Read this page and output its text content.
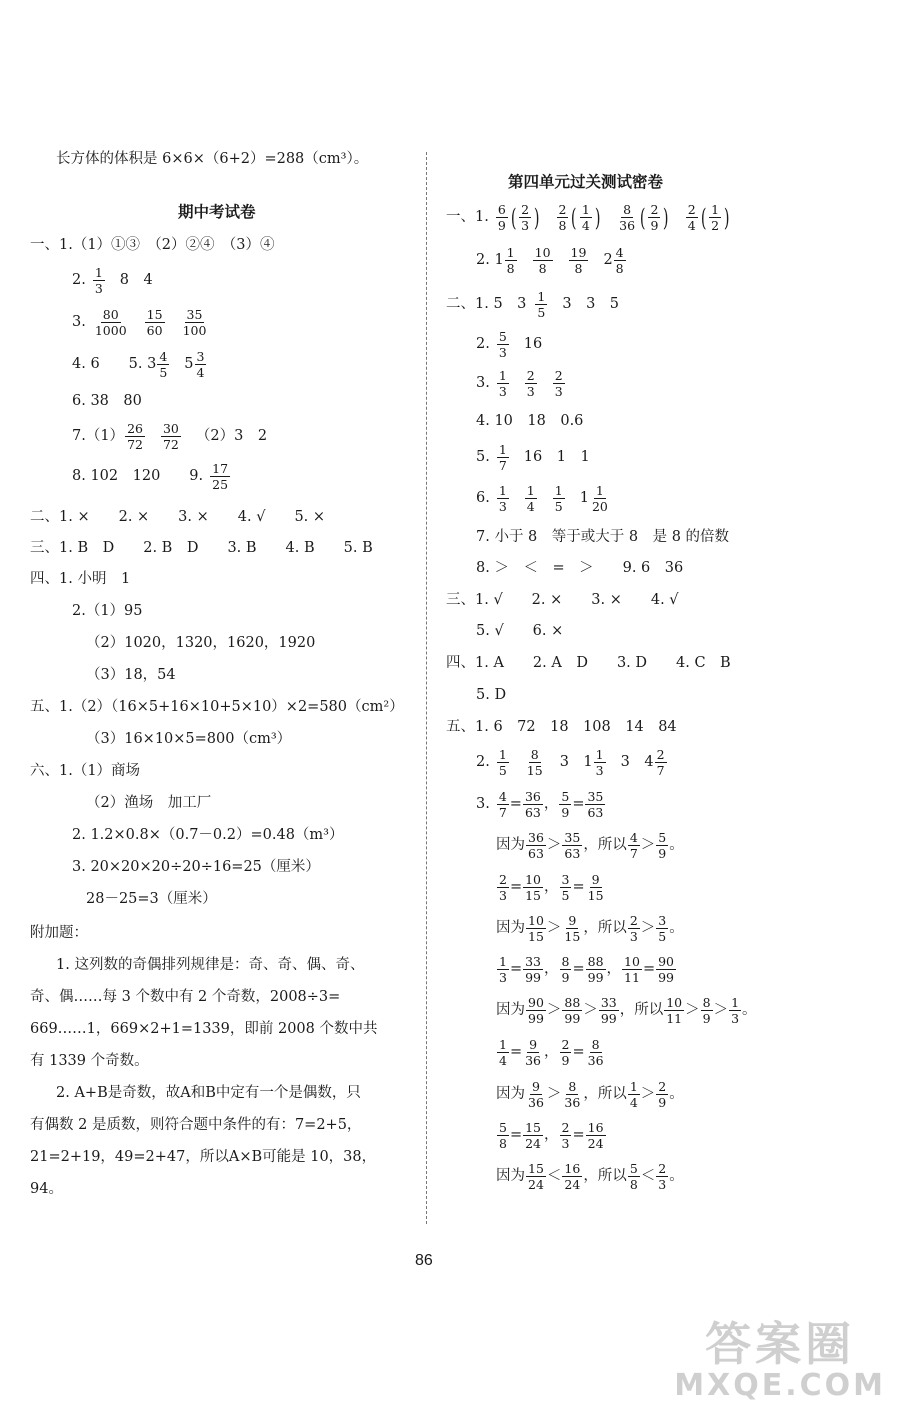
长方体的体积是 6×6×（6+2）=288（cm³）。
期中考试卷
一、1.（1）①③　（2）②④　（3）④
2. $\frac{1}{3} 8$　4
3. $\frac{80}{1000} \frac{15}{60} \frac{35}{100}$
4. 6　　5. $3 \frac{4}{5} 5 \frac{3}{4}$
6. 38　80
$7.(1) \frac{26}{72} \frac{30}{72} (2)3$　2
8. 102　120　　9. $\frac{17}{25}$
二、1. ×　　2. ×　　3. ×　　4. √　　5. ×
三、1. B　D　　2. B　D　　3. B　　4. B　　5. B
四、1. 小明　1
2.（1）95
（2）1020，1320，1620，1920
（3）18，54
五、1.（2）（16×5+16×10+5×10）×2=580（cm²）
（3）16×10×5=800（cm³）
六、1.（1）商场
（2）渔场　加工厂
2. 1.2×0.8×（0.7－0.2）=0.48（m³）
3. 20×20×20÷20÷16=25（厘米）
28－25=3（厘米）
附加题：
1. 这列数的奇偶排列规律是：奇、奇、偶、奇、
奇、偶……每 3 个数中有 2 个奇数，2008÷3=
669……1，669×2+1=1339，即前 2008 个数中共
有 1339 个奇数。
2. A+B是奇数，故A和B中定有一个是偶数，只
有偶数 2 是质数，则符合题中条件的有：7=2+5，
21=2+19，49=2+47，所以A×B可能是 10，38，
94。
第四单元过关测试密卷
一、1. $\frac{6}{9}$ ( $\frac{2}{3}$ ) $\frac{2}{8}$ ( $\frac{1}{4}$ ) $\frac{8}{36}$ ( $\frac{2}{9}$ ) $\frac{2}{4}$ ( $\frac{1}{2}$ )
2. $1 \frac{1}{8} \frac{10}{8} \frac{19}{8} 2 \frac{4}{8}$
二、1. 5　$3 \frac{1}{5} 3$　3　5
2. $\frac{5}{3} 16$
3. $\frac{1}{3} \frac{2}{3} \frac{2}{3}$
4. 10　18　0.6
5. $\frac{1}{7} 16$　1　1
6. $\frac{1}{3} \frac{1}{4} \frac{1}{5} 1 \frac{1}{20}$
7. 小于 8　等于或大于 8　是 8 的倍数
8. ＞　＜　=　＞　　9. 6　36
三、1. √　　2. ×　　3. ×　　4. √
5. √　　6. ×
四、1. A　　2. A　D　　3. D　　4. C　B
5. D
五、1. 6　72　18　108　14　84
2. $\frac{1}{5} \frac{8}{15} 3$　$1 \frac{1}{3} 3$　$4 \frac{2}{7}$
3. $\frac{4}{7} = \frac{36}{63}$ ， $\frac{5}{9} = \frac{35}{63}$
因为 $\frac{36}{63} > \frac{35}{63}$ ，所以 $\frac{4}{7} > \frac{5}{9}$ 。
$\frac{2}{3} = \frac{10}{15}$ ， $\frac{3}{5} = \frac{9}{15}$
因为 $\frac{10}{15} > \frac{9}{15}$ ，所以 $\frac{2}{3} > \frac{3}{5}$ 。
$\frac{1}{3} = \frac{33}{99}$ ， $\frac{8}{9} = \frac{88}{99}$ ， $\frac{10}{11} = \frac{90}{99}$
因为 $\frac{90}{99} > \frac{88}{99} > \frac{33}{99}$ ，所以 $\frac{10}{11} > \frac{8}{9} > \frac{1}{3}$ 。
$\frac{1}{4} = \frac{9}{36}$ ， $\frac{2}{9} = \frac{8}{36}$
因为 $\frac{9}{36} > \frac{8}{36}$ ，所以 $\frac{1}{4} > \frac{2}{9}$ 。
$\frac{5}{8} = \frac{15}{24}$ ， $\frac{2}{3} = \frac{16}{24}$
因为 $\frac{15}{24} < \frac{16}{24}$ ，所以 $\frac{5}{8} < \frac{2}{3}$ 。
86
答案圈
MXQE.COM
